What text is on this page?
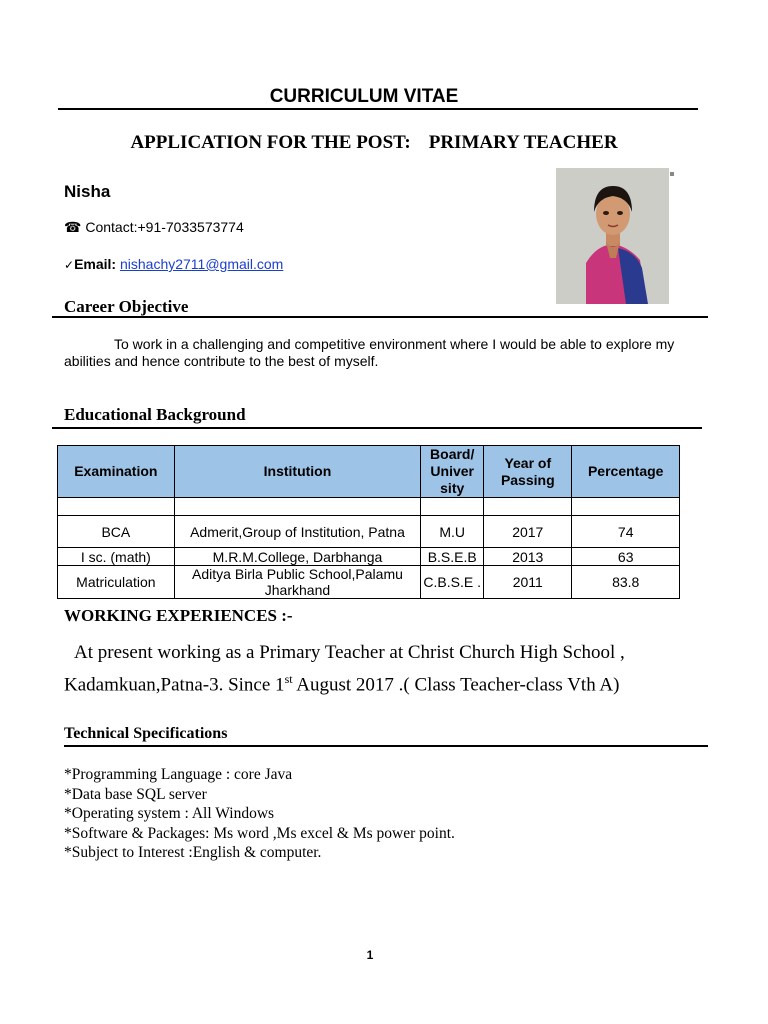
CURRICULUM VITAE
APPLICATION FOR THE POST: PRIMARY TEACHER
Nisha
☎ Contact:+91-7033573774
✓Email: nishachy2711@gmail.com
Career Objective
To work in a challenging and competitive environment where I would be able to explore my abilities and hence contribute to the best of myself.
Educational Background
Examination	Institution	Board/ Univer sity	Year of Passing	Percentage

BCA	Admerit,Group of Institution, Patna	M.U	2017	74
I sc. (math)	M.R.M.College, Darbhanga	B.S.E.B	2013	63
Matriculation	Aditya Birla Public School,Palamu Jharkhand	C.B.S.E .	2011	83.8
WORKING EXPERIENCES :-
At present working as a Primary Teacher at Christ Church High School , Kadamkuan,Patna-3. Since 1st August 2017 .( Class Teacher-class Vth A)
Technical Specifications
*Programming Language : core Java
*Data base SQL server
*Operating system : All Windows
*Software & Packages: Ms word ,Ms excel & Ms power point.
*Subject to Interest :English & computer.
1
